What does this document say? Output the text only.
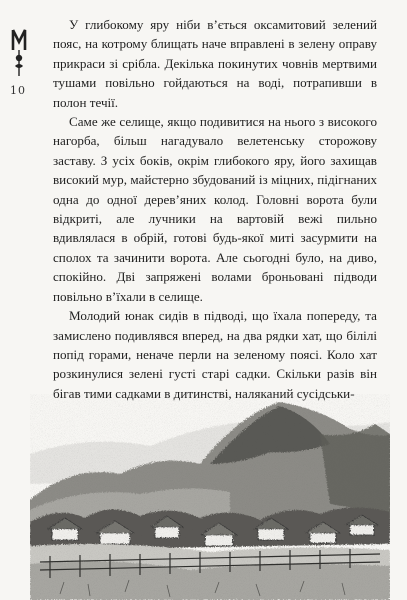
10

У глибокому яру ніби в’ється оксамитовий зелений пояс, на котрому блищать наче вправлені в зелену оправу прикраси зі срібла. Декілька покинутих човнів мертвими тушами повільно гойдаються на воді, потрапивши в полон течії.

Саме же селище, якщо подивитися на нього з високого нагорба, більш нагадувало велетенську сторожову заставу. З усіх боків, окрім глибокого яру, його захищав високий мур, майстерно збудований із міцних, підігнаних одна до одної дерев’яних колод. Головні ворота були відкриті, але лучники на вартовій вежі пильно вдивлялася в обрій, готові будь-якої миті засурмити на сполох та зачинити ворота. Але сьогодні було, на диво, спокійно. Дві запряжені волами броньовані підводи повільно в’їхали в селище.

Молодий юнак сидів в підводі, що їхала попереду, та замислено подивлявся вперед, на два рядки хат, що білілі попід горами, неначе перли на зеленому поясі. Коло хат розкинулися зелені густі старі садки. Скільки разів він бігав тими садками в дитинстві, наляканий сусідськи-
